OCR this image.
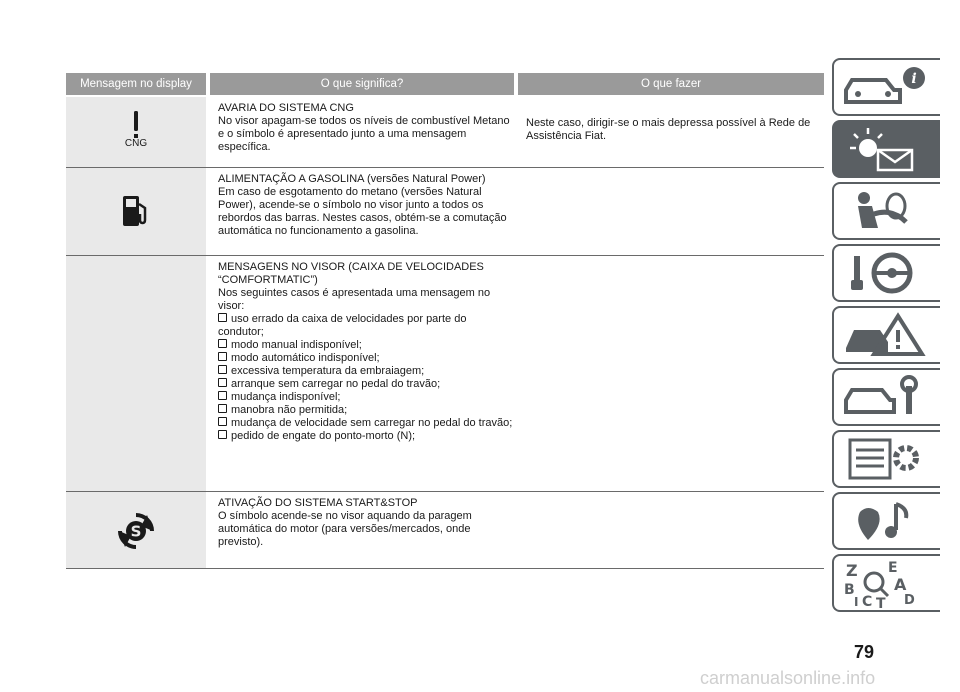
Mensagem no display	O que significa?	O que fazer
CNG

AVARIA DO SISTEMA CNG

No visor apagam-se todos os níveis de combustível Metano e o símbolo é apresentado junto a uma mensagem específica.

Neste caso, dirigir-se o mais depressa possível à Rede de Assistência Fiat.

ALIMENTAÇÃO A GASOLINA (versões Natural Power)

Em caso de esgotamento do metano (versões Natural Power), acende-se o símbolo no visor junto a todos os rebordos das barras. Nestes casos, obtém-se a comutação automática no funcionamento a gasolina.

MENSAGENS NO VISOR (CAIXA DE VELOCIDADES “COMFORTMATIC”)

Nos seguintes casos é apresentada uma mensagem no visor:

uso errado da caixa de velocidades por parte do condutor;

modo manual indisponível;

modo automático indisponível;

excessiva temperatura da embraiagem;

arranque sem carregar no pedal do travão;

mudança indisponível;

manobra não permitida;

mudança de velocidade sem carregar no pedal do travão;

pedido de engate do ponto-morto (N);

S

ATIVAÇÃO DO SISTEMA START&STOP

O símbolo acende-se no visor aquando da paragem automática do motor (para versões/mercados, onde previsto).

i
Z E
B A
I C T D
79
carmanualsonline.info
